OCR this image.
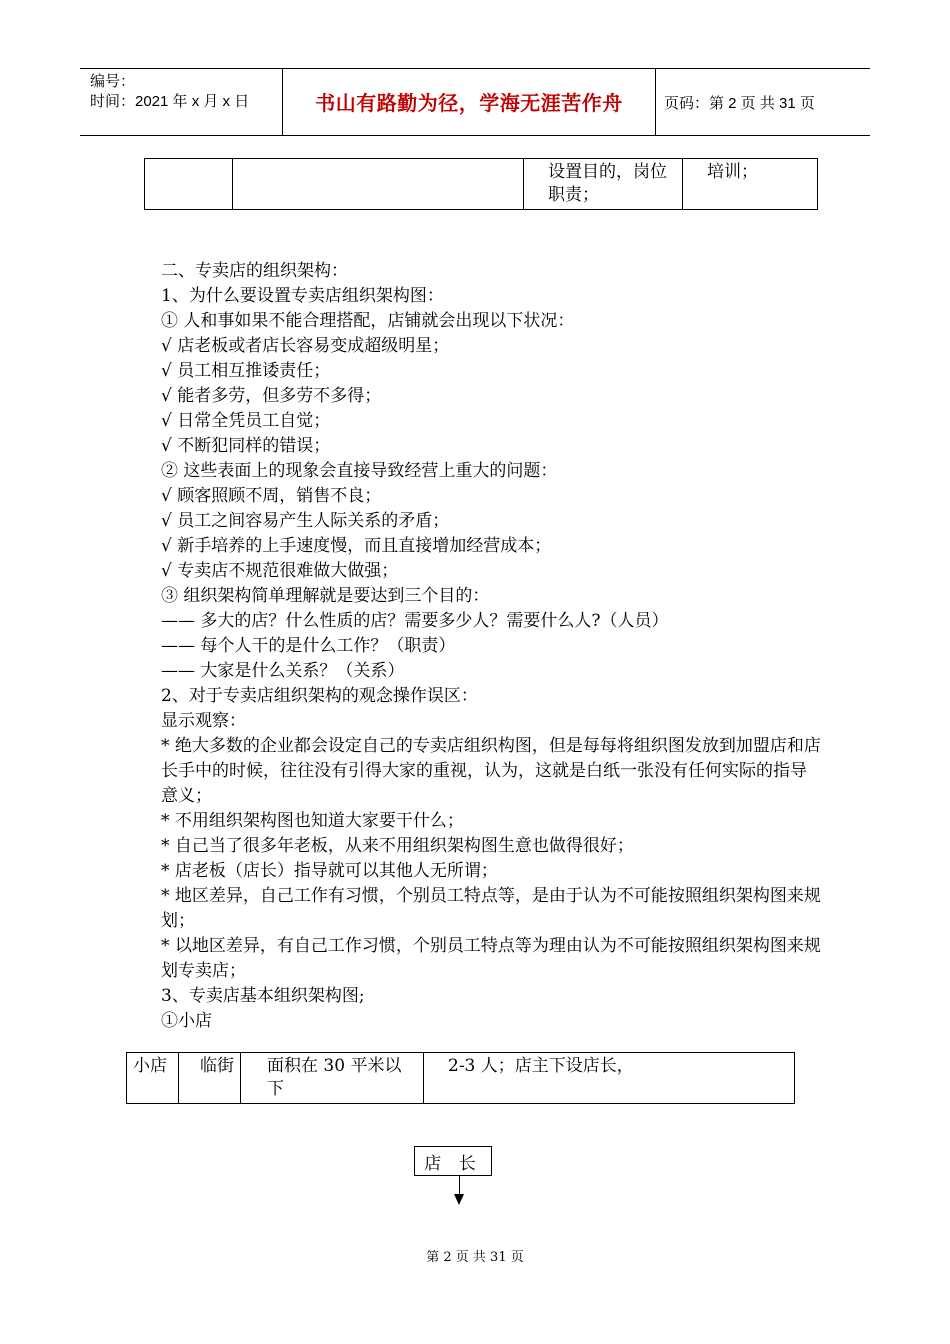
编号：
时间：2021 年 x 月 x 日	书山有路勤为径，学海无涯苦作舟	页码：第 2 页 共 31 页
		设置目的，岗位职责；	培训；

二、专卖店的组织架构：

1、为什么要设置专卖店组织架构图：

① 人和事如果不能合理搭配，店铺就会出现以下状况：

√ 店老板或者店长容易变成超级明星；

√ 员工相互推诿责任；

√ 能者多劳，但多劳不多得；

√ 日常全凭员工自觉；

√ 不断犯同样的错误；

② 这些表面上的现象会直接导致经营上重大的问题：

√ 顾客照顾不周，销售不良；

√ 员工之间容易产生人际关系的矛盾；

√ 新手培养的上手速度慢，而且直接增加经营成本；

√ 专卖店不规范很难做大做强；

③ 组织架构简单理解就是要达到三个目的：

—— 多大的店？什么性质的店？需要多少人？需要什么人?（人员）

—— 每个人干的是什么工作？（职责）

—— 大家是什么关系？（关系）

2、对于专卖店组织架构的观念操作误区：

显示观察：

* 绝大多数的企业都会设定自己的专卖店组织构图，但是每每将组织图发放到加盟店和店长手中的时候，往往没有引得大家的重视，认为，这就是白纸一张没有任何实际的指导意义；

* 不用组织架构图也知道大家要干什么；

* 自己当了很多年老板，从来不用组织架构图生意也做得很好；

* 店老板（店长）指导就可以其他人无所谓；

* 地区差异，自己工作有习惯，个别员工特点等，是由于认为不可能按照组织架构图来规划；

* 以地区差异，有自己工作习惯，个别员工特点等为理由认为不可能按照组织架构图来规划专卖店；

3、专卖店基本组织架构图;

①小店

小店	临街	面积在 30 平米以下	2-3 人；店主下设店长，
店 长
第 2 页 共 31 页
